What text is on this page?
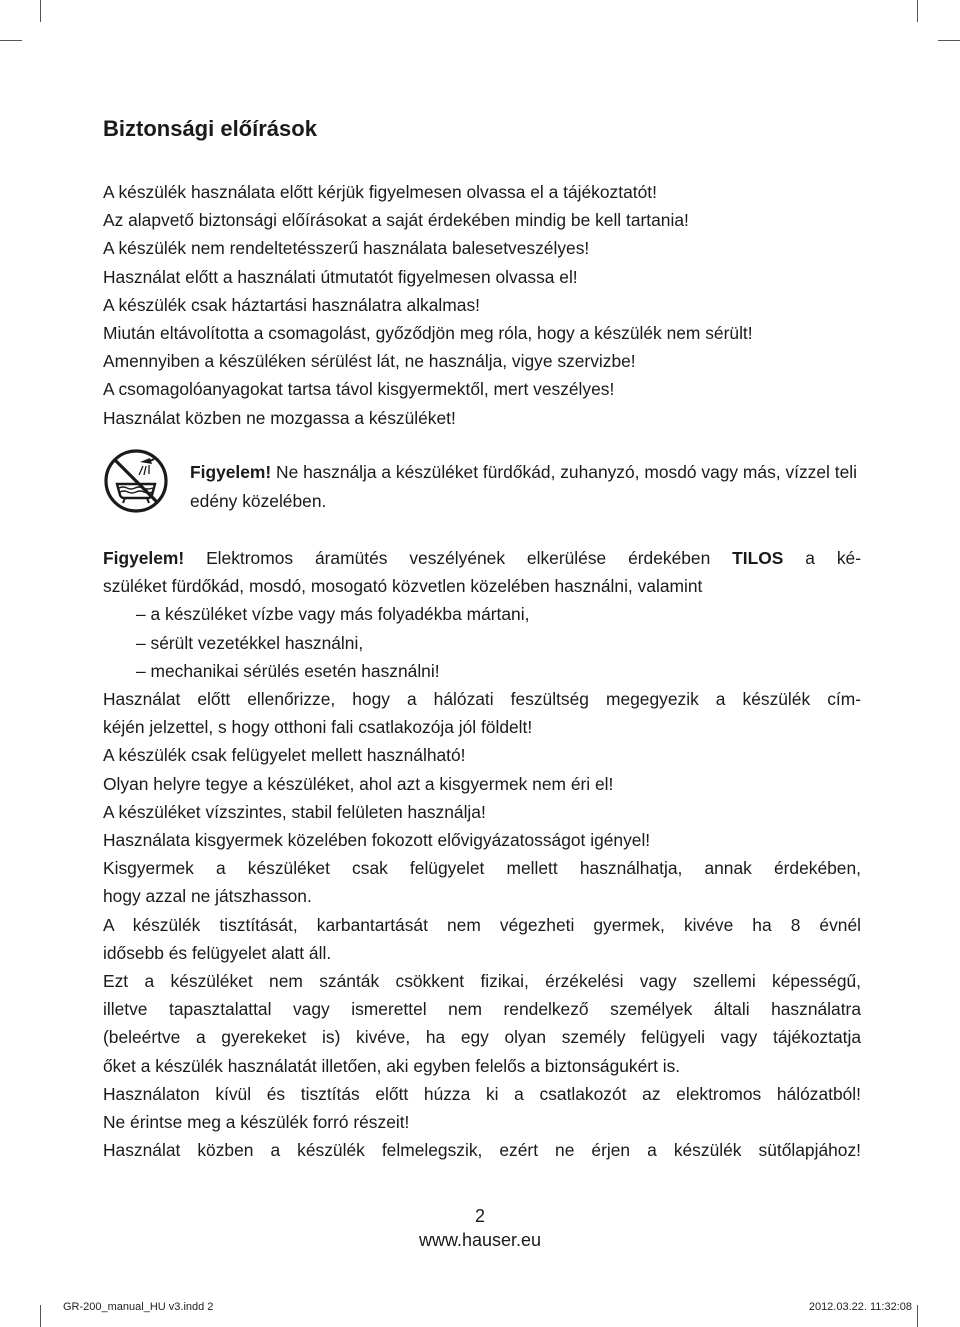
Biztonsági előírások
A készülék használata előtt kérjük figyelmesen olvassa el a tájékoztatót!
Az alapvető biztonsági előírásokat a saját érdekében mindig be kell tartania!
A készülék nem rendeltetésszerű használata balesetveszélyes!
Használat előtt a használati útmutatót figyelmesen olvassa el!
A készülék csak háztartási használatra alkalmas!
Miután eltávolította a csomagolást, győződjön meg róla, hogy a készülék nem sérült!
Amennyiben a készüléken sérülést lát, ne használja, vigye szervizbe!
A csomagolóanyagokat tartsa távol kisgyermektől, mert veszélyes!
Használat közben ne mozgassa a készüléket!
Figyelem! Ne használja a készüléket fürdőkád, zuhanyzó, mosdó vagy más, vízzel teli edény közelében.
Figyelem! Elektromos áramütés veszélyének elkerülése érdekében TILOS a ké-
szüléket fürdőkád, mosdó, mosogató közvetlen közelében használni, valamint
– a készüléket vízbe vagy más folyadékba mártani,
– sérült vezetékkel használni,
– mechanikai sérülés esetén használni!
Használat előtt ellenőrizze, hogy a hálózati feszültség megegyezik a készülék cím-
kéjén jelzettel, s hogy otthoni fali csatlakozója jól földelt!
A készülék csak felügyelet mellett használható!
Olyan helyre tegye a készüléket, ahol azt a kisgyermek nem éri el!
A készüléket vízszintes, stabil felületen használja!
Használata kisgyermek közelében fokozott elővigyázatosságot igényel!
Kisgyermek a készüléket csak felügyelet mellett használhatja, annak érdekében,
hogy azzal ne játszhasson.
A készülék tisztítását, karbantartását nem végezheti gyermek, kivéve ha 8 évnél
idősebb és felügyelet alatt áll.
Ezt a készüléket nem szánták csökkent fizikai, érzékelési vagy szellemi képességű,
illetve tapasztalattal vagy ismerettel nem rendelkező személyek általi használatra
(beleértve a gyerekeket is) kivéve, ha egy olyan személy felügyeli vagy tájékoztatja
őket a készülék használatát illetően, aki egyben felelős a biztonságukért is.
Használaton kívül és tisztítás előtt húzza ki a csatlakozót az elektromos hálózatból!
Ne érintse meg a készülék forró részeit!
Használat közben a készülék felmelegszik, ezért ne érjen a készülék sütőlapjához!
2
www.hauser.eu
GR-200_manual_HU v3.indd 2	2012.03.22. 11:32:08
